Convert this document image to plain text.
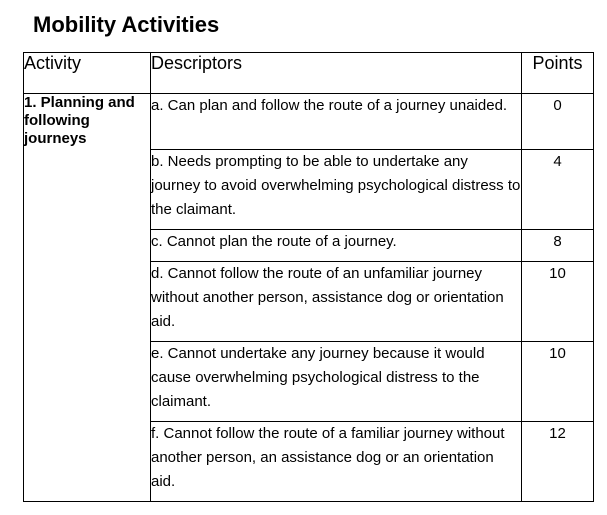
Mobility Activities
Activity	Descriptors	Points
1. Planning and following journeys	a. Can plan and follow the route of a journey unaided.	0
	b. Needs prompting to be able to undertake any journey to avoid overwhelming psychological distress to the claimant.	4
	c. Cannot plan the route of a journey.	8
	d. Cannot follow the route of an unfamiliar journey without another person, assistance dog or orientation aid.	10
	e. Cannot undertake any journey because it would cause overwhelming psychological distress to the claimant.	10
	f. Cannot follow the route of a familiar journey without another person, an assistance dog or an orientation aid.	12
